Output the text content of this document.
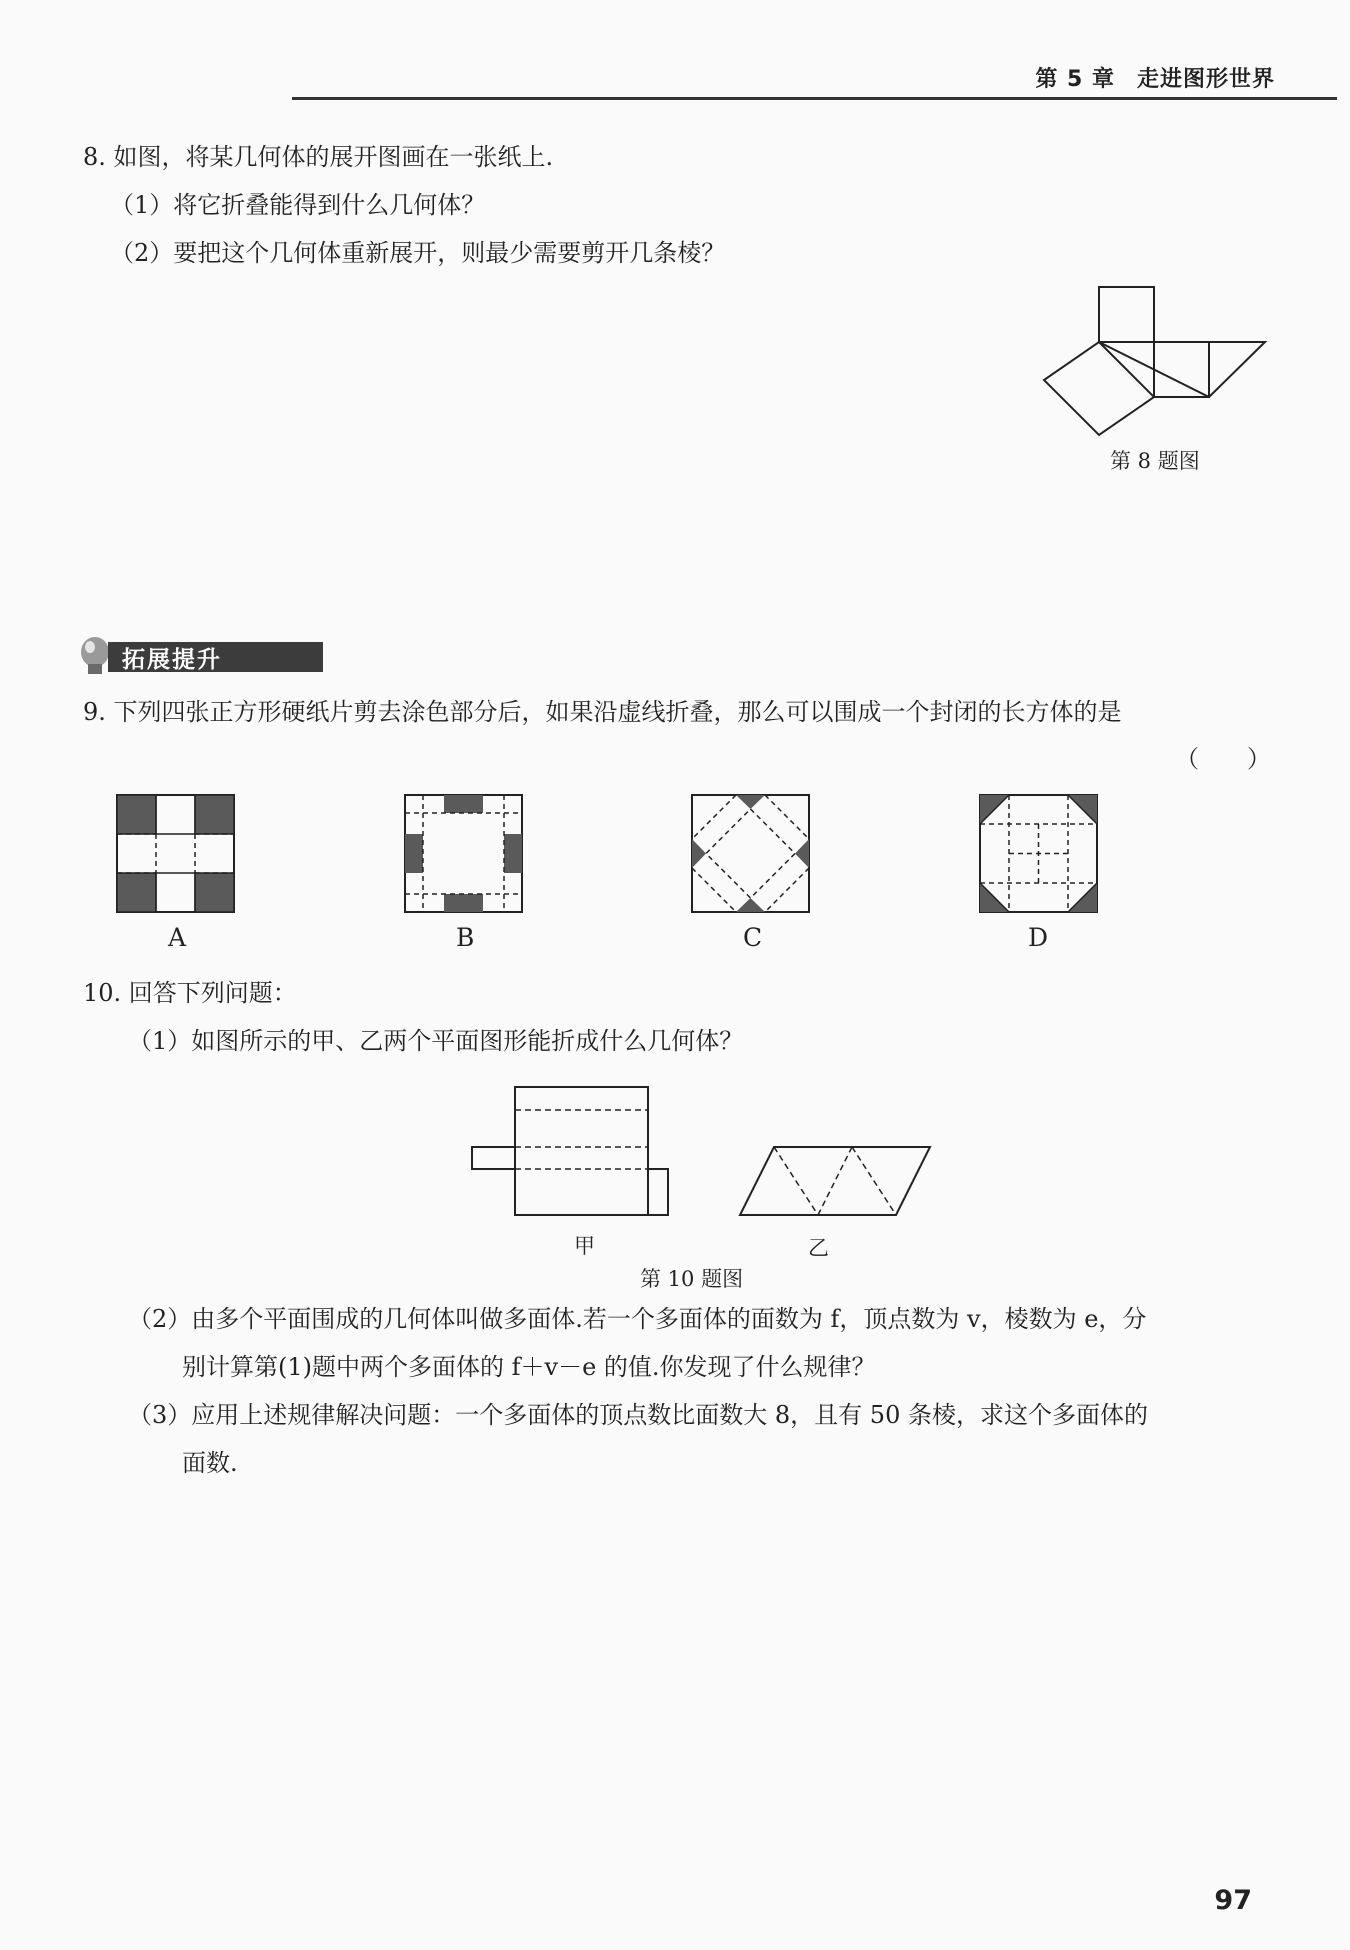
第 5 章 走进图形世界
8. 如图，将某几何体的展开图画在一张纸上.
（1）将它折叠能得到什么几何体？
（2）要把这个几何体重新展开，则最少需要剪开几条棱？
第 8 题图
拓展提升
9. 下列四张正方形硬纸片剪去涂色部分后，如果沿虚线折叠，那么可以围成一个封闭的长方体的是
（　　）
A	B	C	D
10. 回答下列问题：
（1）如图所示的甲、乙两个平面图形能折成什么几何体？
甲	乙
第 10 题图
（2）由多个平面围成的几何体叫做多面体.若一个多面体的面数为 f，顶点数为 v，棱数为 e，分
别计算第(1)题中两个多面体的 f＋v－e 的值.你发现了什么规律？
（3）应用上述规律解决问题：一个多面体的顶点数比面数大 8，且有 50 条棱，求这个多面体的
面数.
97
